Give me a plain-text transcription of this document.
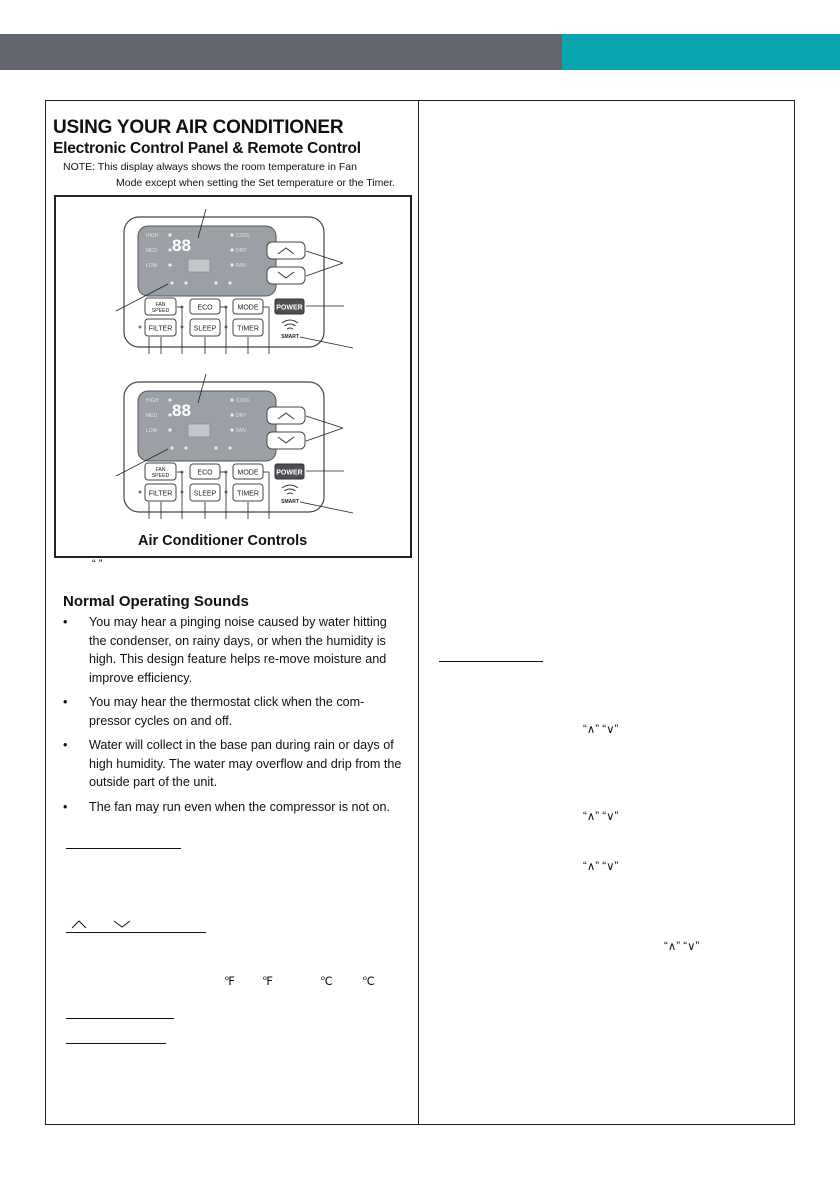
USING YOUR AIR CONDITIONER
Electronic Control Panel & Remote Control
NOTE: This display always shows the room temperature in Fan
Mode except when setting the Set temperature or the Timer.
88
HIGH
MED
LOW
COOL
DRY
FAN
FAN
SPEED	ECO	MODE	POWER
FILTER	SLEEP	TIMER
SMART
88
HIGH
MED
LOW
COOL
DRY
FAN
FAN
SPEED	ECO	MODE	POWER
FILTER	SLEEP	TIMER
SMART
Air Conditioner Controls
“ ”
Normal Operating Sounds
• You may hear a pinging noise caused by water hitting the condenser, on rainy days, or when the humidity is high. This design feature helps re-move moisture and improve efficiency.
• You may hear the thermostat click when the com-pressor cycles on and off.
• Water will collect in the base pan during rain or days of high humidity. The water may overflow and drip from the outside part of the unit.
• The fan may run even when the compressor is not on.
℉ ℉	℃	℃
“∧” “∨”
“∧” “∨”
“∧” “∨”
“∧” “∨”
